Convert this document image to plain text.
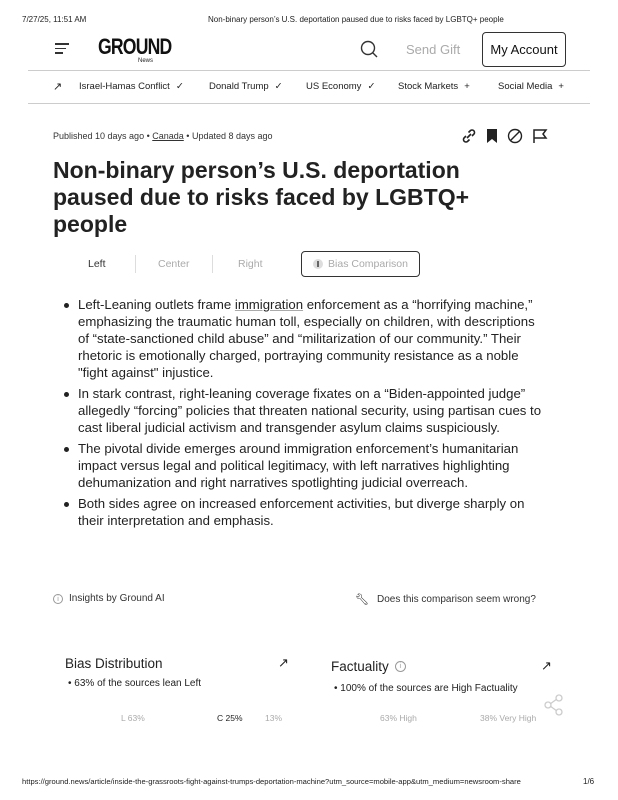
7/27/25, 11:51 AM	Non-binary person’s U.S. deportation paused due to risks faced by LGBTQ+ people
GROUND
News
Send Gift	My Account
↗ Israel-Hamas Conflict ✓	Donald Trump ✓ US Economy ✓ Stock Markets +	Social Media +
Published 10 days ago • Canada • Updated 8 days ago
Non-binary person’s U.S. deportation paused due to risks faced by LGBTQ+ people
Left	Center	Right	Bias Comparison
Left-Leaning outlets frame immigration enforcement as a “horrifying machine,” emphasizing the traumatic human toll, especially on children, with descriptions of “state-sanctioned child abuse” and “militarization of our community.” Their rhetoric is emotionally charged, portraying community resistance as a noble "fight against" injustice.
In stark contrast, right-leaning coverage fixates on a “Biden-appointed judge” allegedly “forcing” policies that threaten national security, using partisan cues to cast liberal judicial activism and transgender asylum claims suspiciously.
The pivotal divide emerges around immigration enforcement’s humanitarian impact versus legal and political legitimacy, with left narratives highlighting dehumanization and right narratives spotlighting judicial overreach.
Both sides agree on increased enforcement activities, but diverge sharply on their interpretation and emphasis.
i	Insights by Ground AI	🔧︎ Does this comparison seem wrong?
Bias Distribution	↗
• 63% of the sources lean Left
L 63%	C 25%	13%
Factuality	i	↗
• 100% of the sources are High Factuality
63% High	38% Very High
https://ground.news/article/inside-the-grassroots-fight-against-trumps-deportation-machine?utm_source=mobile-app&utm_medium=newsroom-share	1/6
